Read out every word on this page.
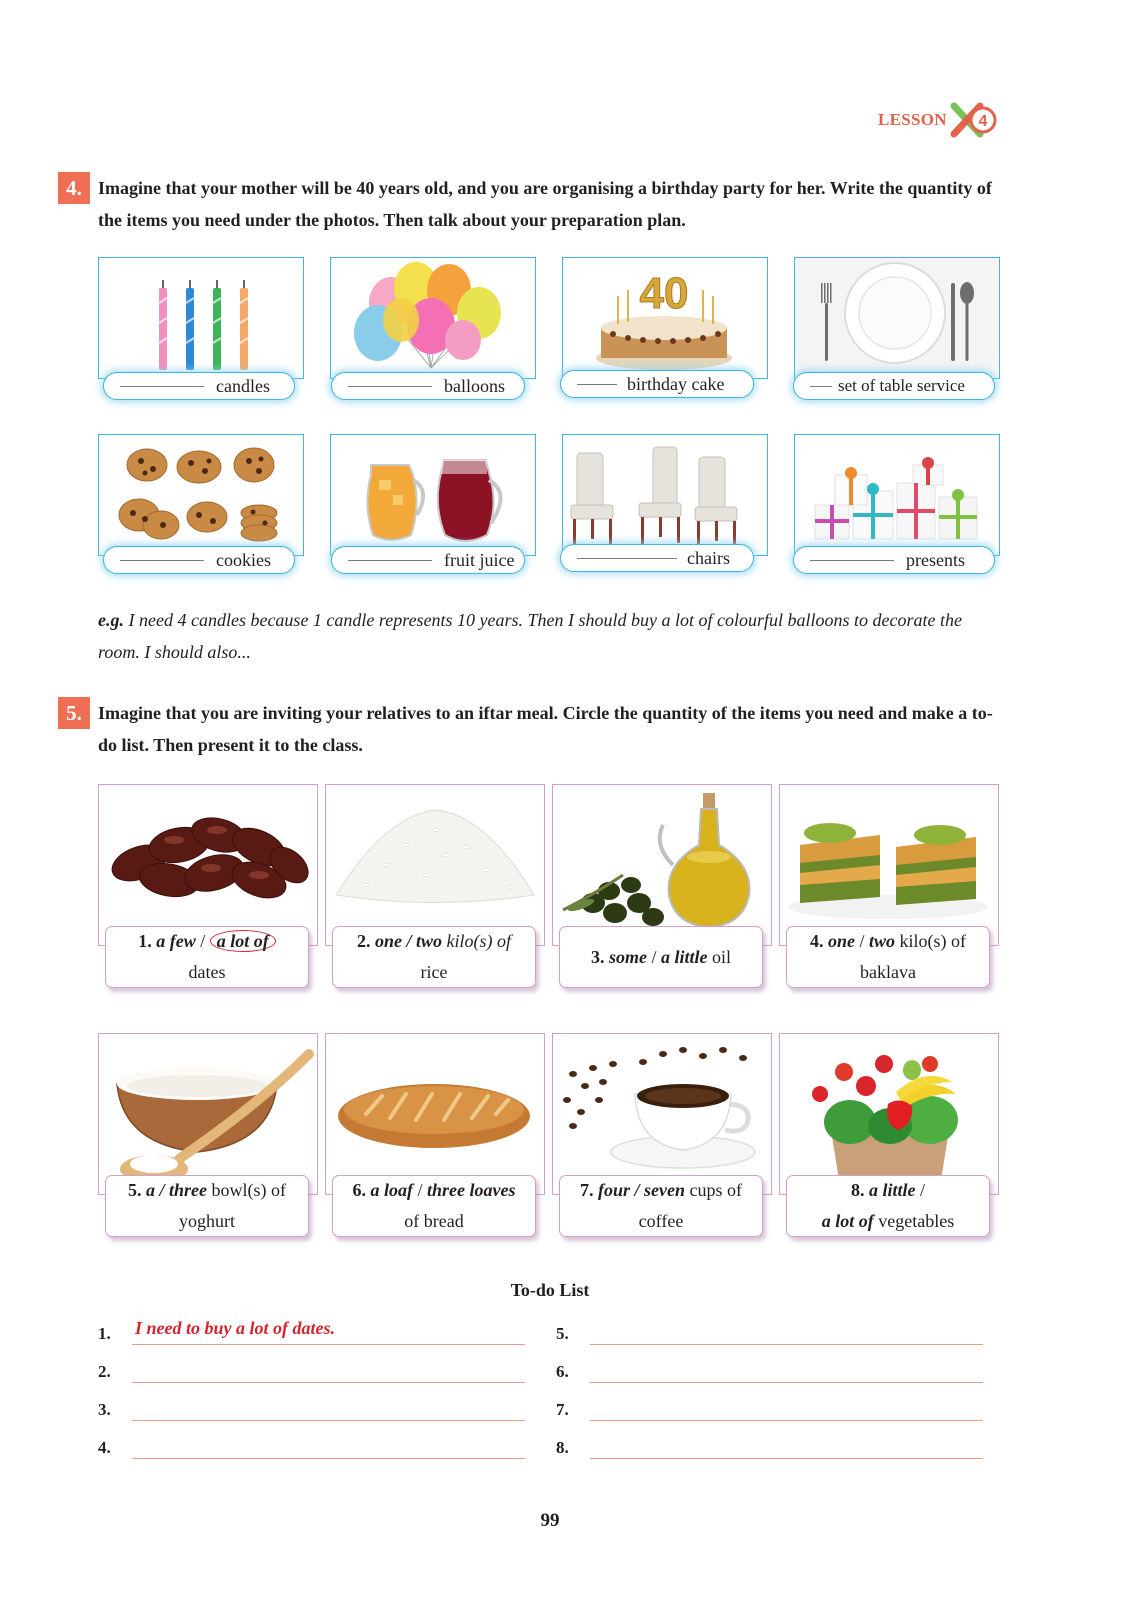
LESSON 4
4. Imagine that your mother will be 40 years old, and you are organising a birthday party for her. Write the quantity of the items you need under the photos. Then talk about your preparation plan.
candles	balloons
40
birthday cake	set of table service
cookies	fruit juice	chairs	presents
e.g. I need 4 candles because 1 candle represents 10 years. Then I should buy a lot of colourful balloons to decorate the room. I should also...
5. Imagine that you are inviting your relatives to an iftar meal. Circle the quantity of the items you need and make a to-do list. Then present it to the class.
1. a few / a lot of
dates
2. one / two kilo(s) of
rice
3. some / a little oil
4. one / two kilo(s) of
baklava
5. a / three bowl(s) of
yoghurt
6. a loaf / three loaves
of bread
7. four / seven cups of
coffee
8. a little /
a lot of vegetables
To-do List
1. I need to buy a lot of dates.
2.
3.
4.
5.
6.
7.
8.
99
